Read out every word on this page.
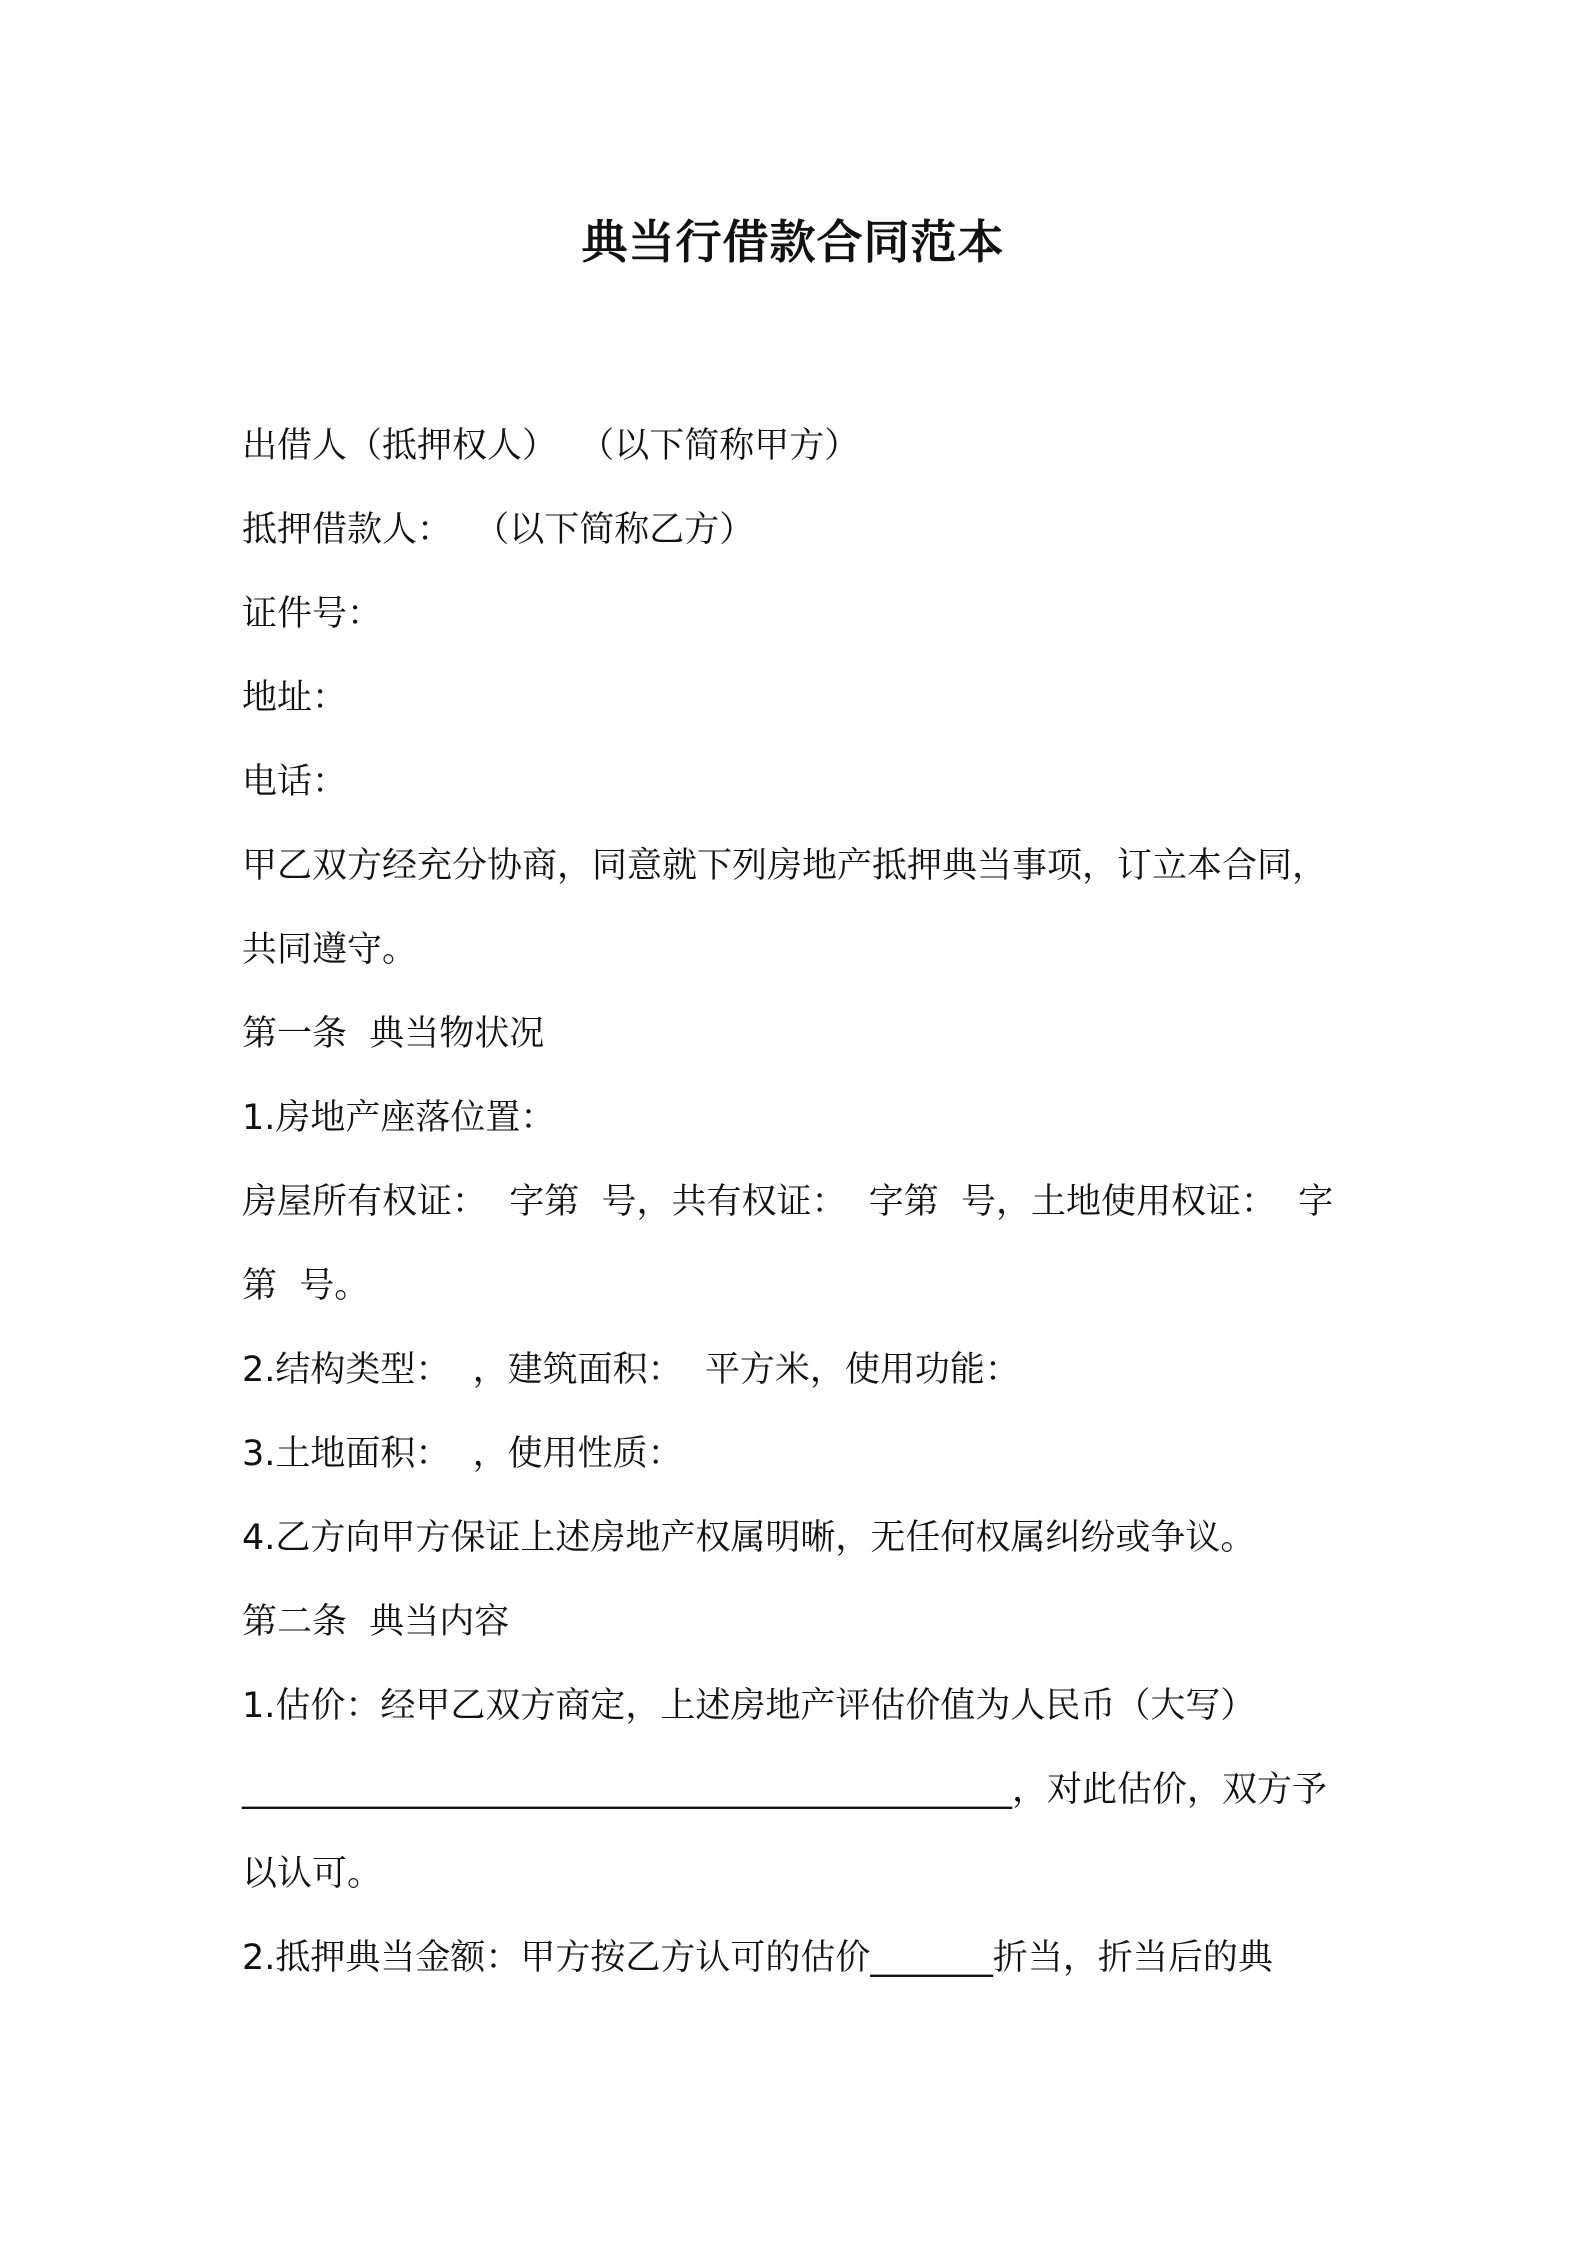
典当行借款合同范本

出借人（抵押权人）  （以下简称甲方）

抵押借款人：  （以下简称乙方）

证件号：

地址：

电话：

甲乙双方经充分协商，同意就下列房地产抵押典当事项，订立本合同，

共同遵守。

第一条  典当物状况

1.房地产座落位置：

房屋所有权证：  字第  号，共有权证：  字第  号，土地使用权证：  字

第  号。

2.结构类型：  ，建筑面积：  平方米，使用功能：

3.土地面积：  ，使用性质：

4.乙方向甲方保证上述房地产权属明晰，无任何权属纠纷或争议。

第二条  典当内容

1.估价：经甲乙双方商定，上述房地产评估价值为人民币（大写）

____________________________________________，对此估价，双方予

以认可。

2.抵押典当金额：甲方按乙方认可的估价_______折当，折当后的典
